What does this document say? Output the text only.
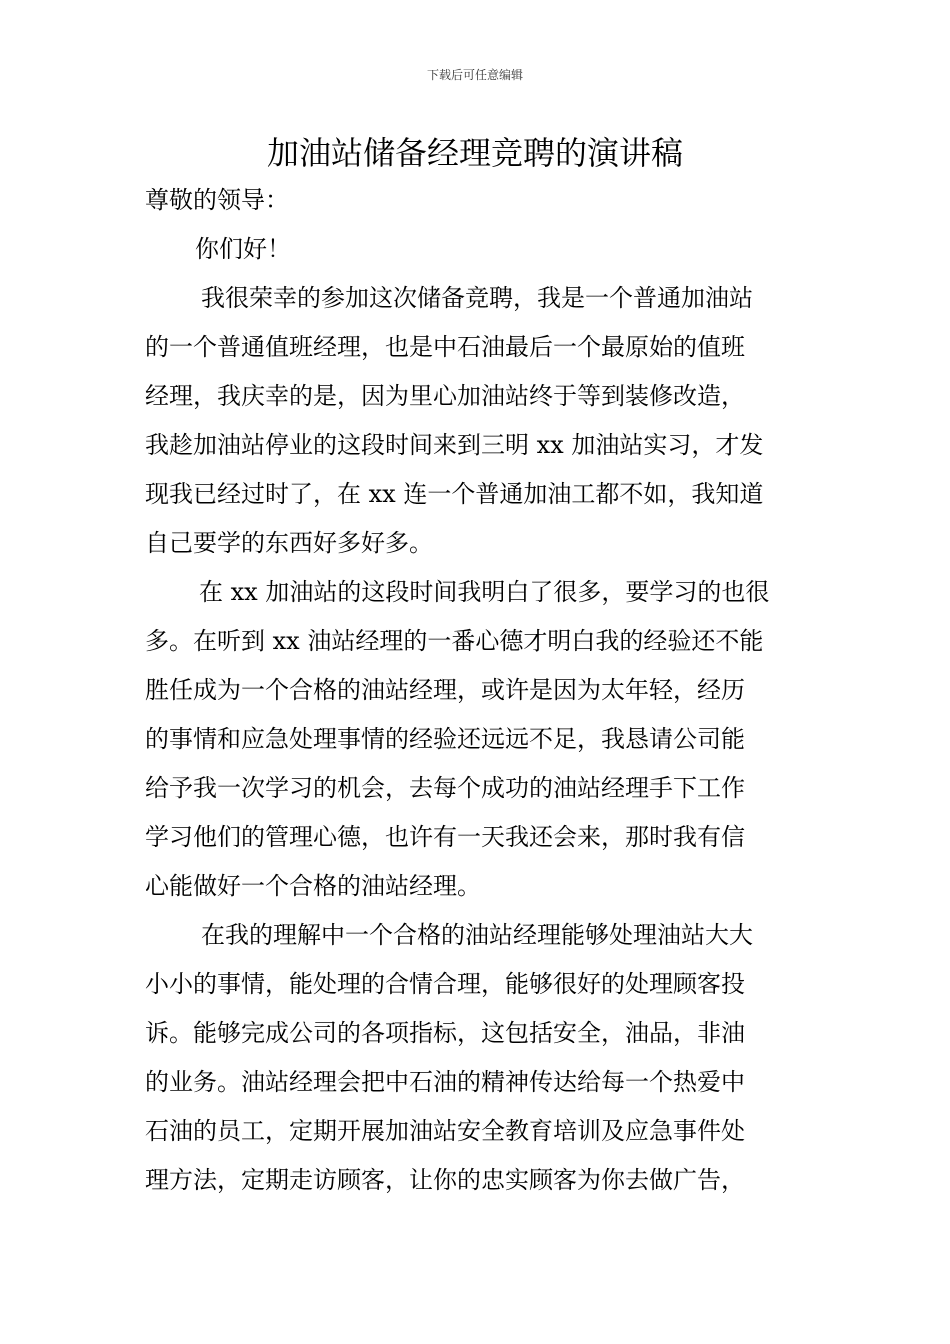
下载后可任意编辑
加油站储备经理竞聘的演讲稿
尊敬的领导：
你们好！
我很荣幸的参加这次储备竞聘，我是一个普通加油站
的一个普通值班经理，也是中石油最后一个最原始的值班
经理，我庆幸的是，因为里心加油站终于等到装修改造，
我趁加油站停业的这段时间来到三明 xx 加油站实习，才发
现我已经过时了，在 xx 连一个普通加油工都不如，我知道
自己要学的东西好多好多。
在 xx 加油站的这段时间我明白了很多，要学习的也很
多。在听到 xx 油站经理的一番心德才明白我的经验还不能
胜任成为一个合格的油站经理，或许是因为太年轻，经历
的事情和应急处理事情的经验还远远不足，我恳请公司能
给予我一次学习的机会，去每个成功的油站经理手下工作
学习他们的管理心德，也许有一天我还会来，那时我有信
心能做好一个合格的油站经理。
在我的理解中一个合格的油站经理能够处理油站大大
小小的事情，能处理的合情合理，能够很好的处理顾客投
诉。能够完成公司的各项指标，这包括安全，油品，非油
的业务。油站经理会把中石油的精神传达给每一个热爱中
石油的员工，定期开展加油站安全教育培训及应急事件处
理方法，定期走访顾客，让你的忠实顾客为你去做广告，
